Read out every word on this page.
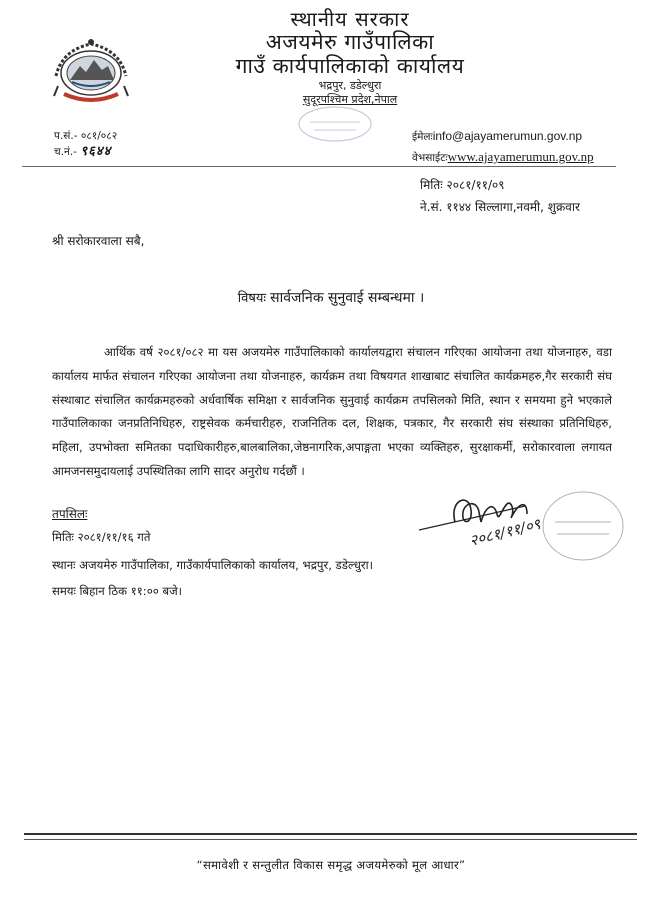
स्थानीय सरकार
अजयमेरु गाउँपालिका
गाउँ कार्यपालिकाको कार्यालय
भद्रपुर, डडेल्धुरा
सुदूरपश्चिम प्रदेश,नेपाल
प.सं.- ०८१/०८२
च.नं.- ९६४४
ईमेलःinfo@ajayamerumun.gov.np
वेभसाईटःwww.ajayamerumun.gov.np
मितिः २०८१/११/०९
ने.सं. ११४४ सिल्लागा,नवमी, शुक्रवार
श्री सरोकारवाला सबै,
विषयः सार्वजनिक सुनुवाई सम्बन्धमा ।
आर्थिक वर्ष २०८१/०८२ मा यस अजयमेरु गाउँपालिकाको कार्यालयद्वारा संचालन गरिएका आयोजना तथा योजनाहरु, वडा कार्यालय मार्फत संचालन गरिएका आयोजना तथा योजनाहरु, कार्यक्रम तथा विषयगत शाखाबाट संचालित कार्यक्रमहरु,गैर सरकारी संघ संस्थाबाट संचालित कार्यक्रमहरुको अर्धवार्षिक समिक्षा र सार्वजनिक सुनुवाई कार्यक्रम तपसिलको मिति, स्थान र समयमा हुने भएकाले गाउँपालिकाका जनप्रतिनिधिहरु, राष्ट्रसेवक कर्मचारीहरु, राजनितिक दल, शिक्षक, पत्रकार, गैर सरकारी संघ संस्थाका प्रतिनिधिहरु, महिला, उपभोक्ता समितका पदाधिकारीहरु,बालबालिका,जेष्ठनागरिक,अपाङ्गता भएका व्यक्तिहरु, सुरक्षाकर्मी, सरोकारवाला लगायत आमजनसमुदायलाई उपस्थितिका लागि सादर अनुरोध गर्दछौं ।
२०८१/११/०९
तपसिलः
मितिः २०८१/११/१६ गते
स्थानः अजयमेरु गाउँपालिका, गाउँकार्यपालिकाको कार्यालय, भद्रपुर, डडेल्धुरा।
समयः बिहान ठिक ११:०० बजे।
“समावेशी र सन्तुलीत विकास समृद्ध अजयमेरुको मूल आधार”
